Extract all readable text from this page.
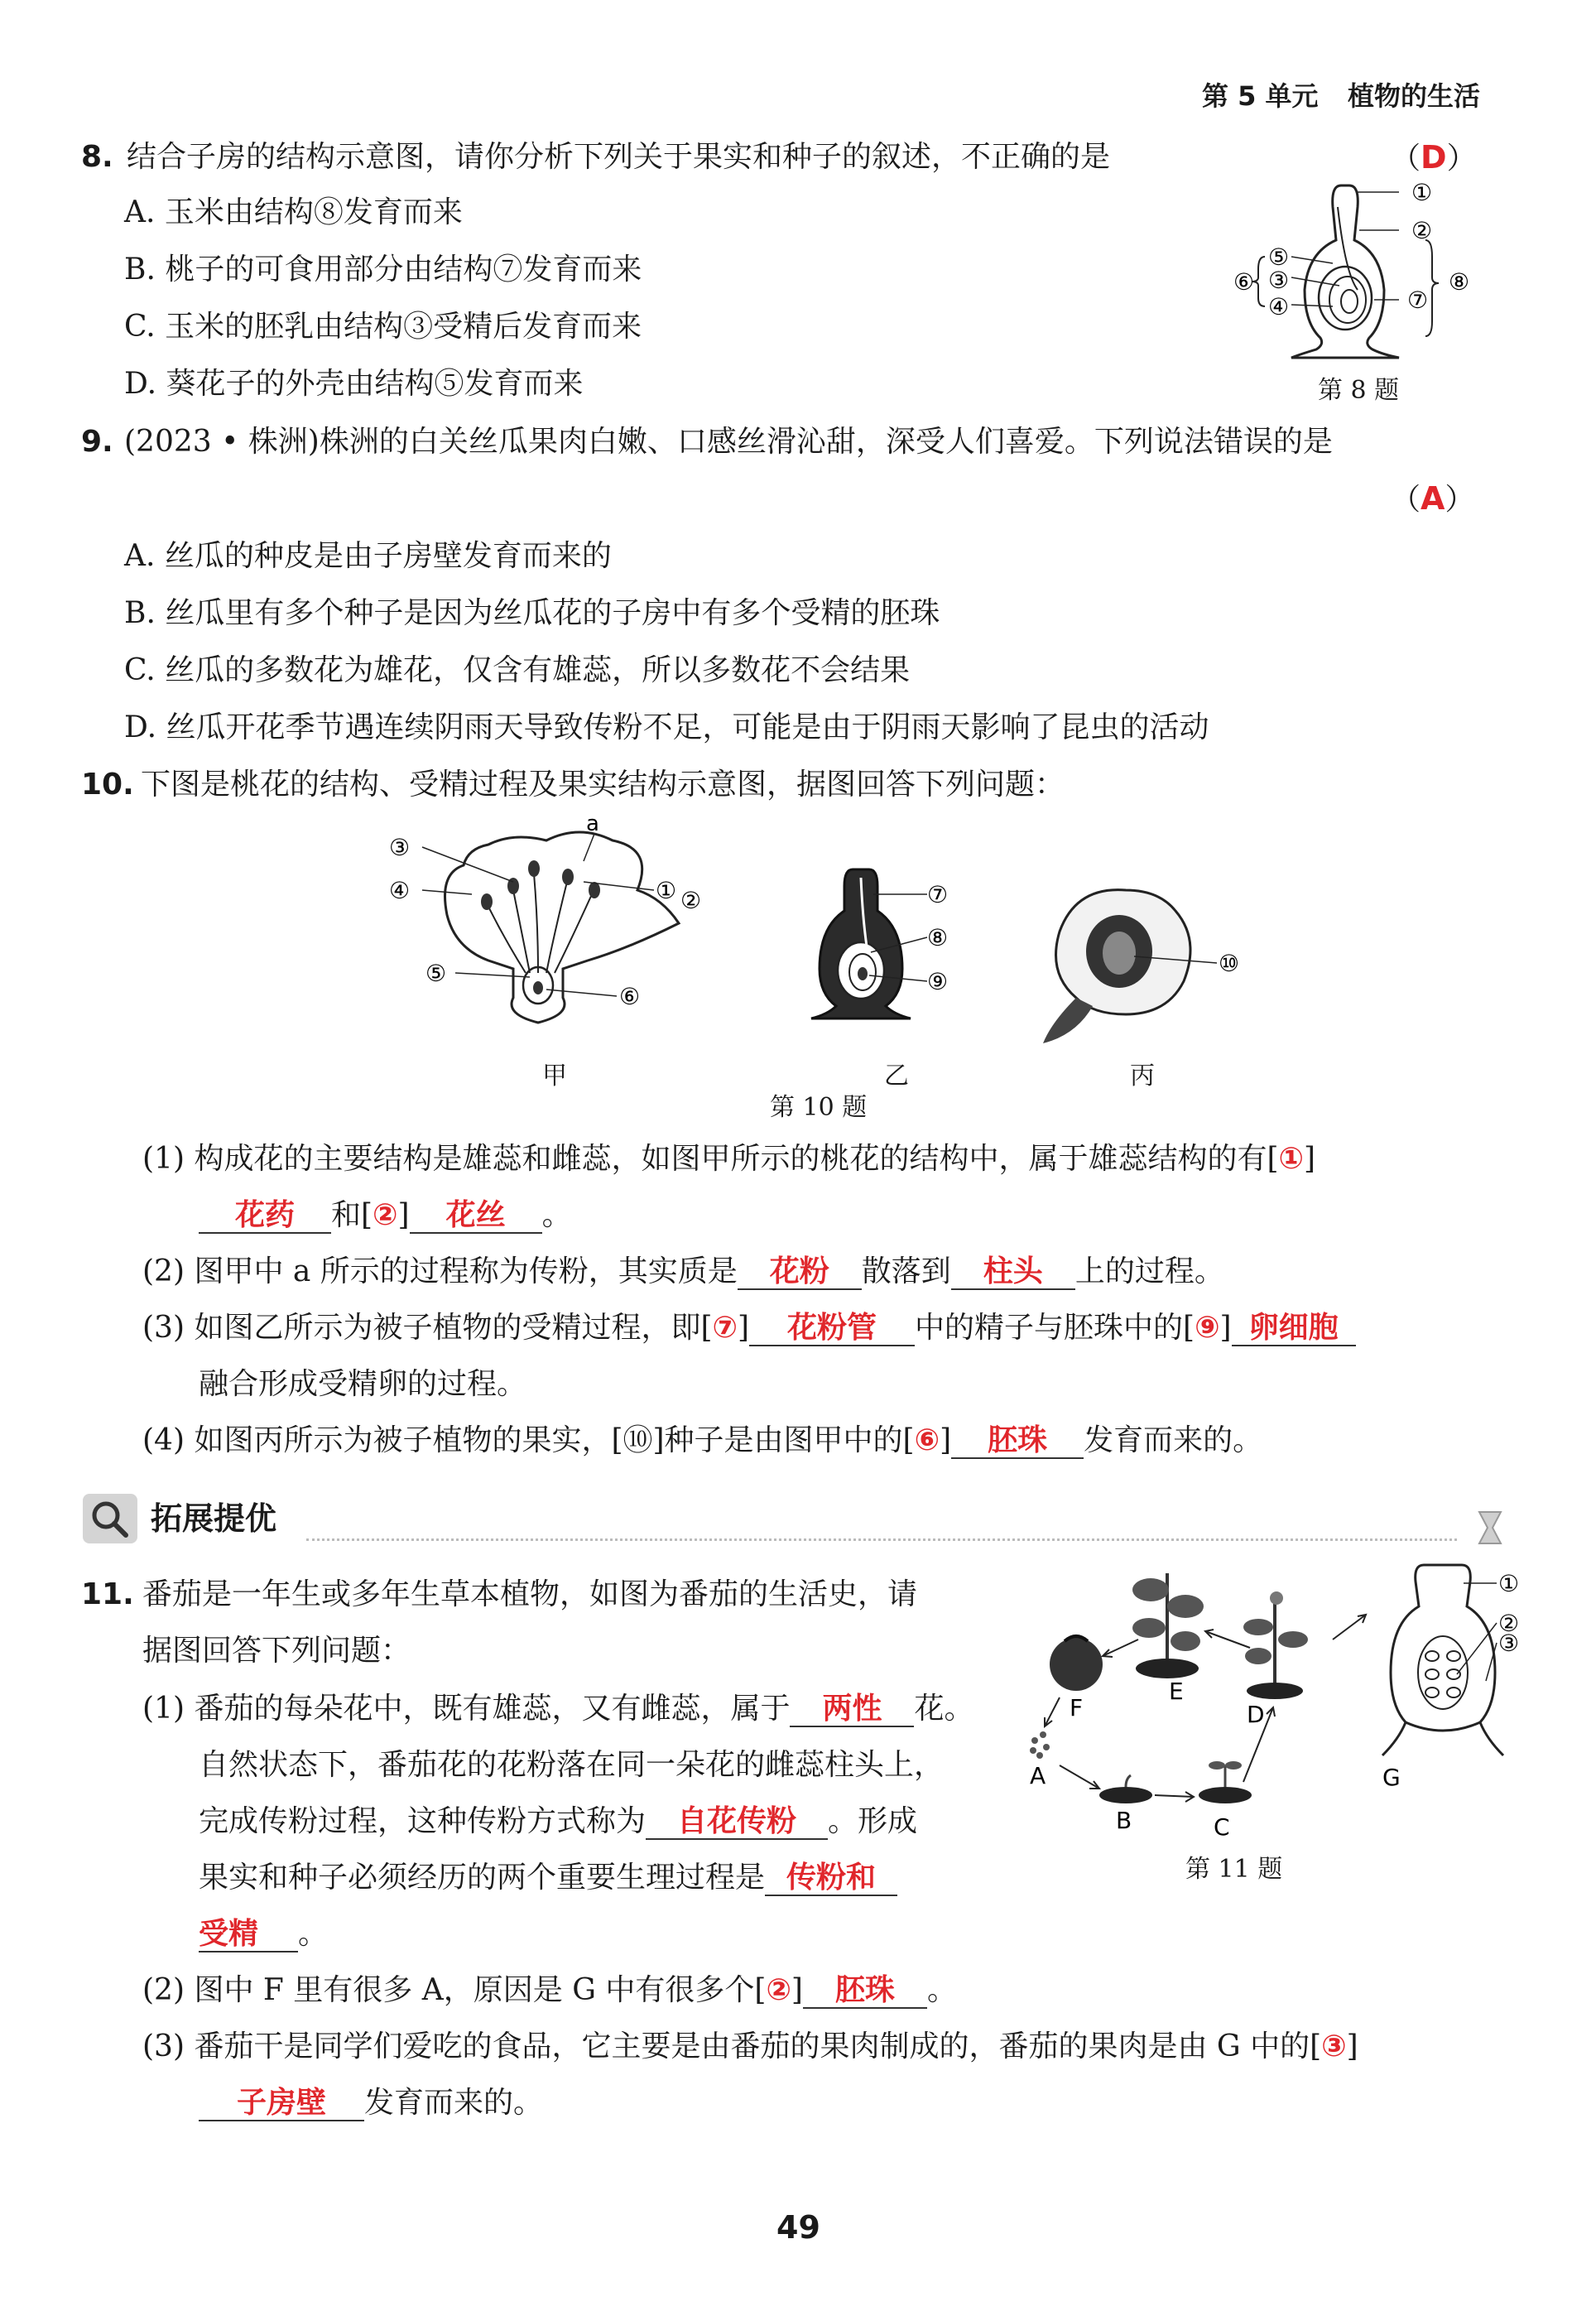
第 5 单元 植物的生活
8. 结合子房的结构示意图，请你分析下列关于果实和种子的叙述，不正确的是	（D）
A. 玉米由结构⑧发育而来
B. 桃子的可食用部分由结构⑦发育而来
C. 玉米的胚乳由结构③受精后发育而来
D. 葵花子的外壳由结构⑤发育而来
①
②
⑤
⑥ ③
⑦
④
⑧
第 8 题
9. (2023 • 株洲)株洲的白关丝瓜果肉白嫩、口感丝滑沁甜，深受人们喜爱。下列说法错误的是
（A）
A. 丝瓜的种皮是由子房壁发育而来的
B. 丝瓜里有多个种子是因为丝瓜花的子房中有多个受精的胚珠
C. 丝瓜的多数花为雄花，仅含有雄蕊，所以多数花不会结果
D. 丝瓜开花季节遇连续阴雨天导致传粉不足，可能是由于阴雨天影响了昆虫的活动
10. 下图是桃花的结构、受精过程及果实结构示意图，据图回答下列问题：
a
③
④	① ②
⑤
⑥
⑦
⑧
⑨
⑩
甲	乙	丙
第 10 题
(1) 构成花的主要结构是雄蕊和雌蕊，如图甲所示的桃花的结构中，属于雄蕊结构的有[①]
花药 和[②] 花丝 。
(2) 图甲中 a 所示的过程称为传粉，其实质是 花粉 散落到 柱头 上的过程。
(3) 如图乙所示为被子植物的受精过程，即[⑦] 花粉管 中的精子与胚珠中的[⑨] 卵细胞
融合形成受精卵的过程。
(4) 如图丙所示为被子植物的果实，[⑩]种子是由图甲中的[⑥] 胚珠 发育而来的。
拓展提优
11. 番茄是一年生或多年生草本植物，如图为番茄的生活史，请
据图回答下列问题：
E
F	D
A
B	C
G
①
②
③
第 11 题
(1) 番茄的每朵花中，既有雄蕊，又有雌蕊，属于 两性 花。
自然状态下，番茄花的花粉落在同一朵花的雌蕊柱头上，
完成传粉过程，这种传粉方式称为 自花传粉 。形成
果实和种子必须经历的两个重要生理过程是 传粉和
受精 。
(2) 图中 F 里有很多 A，原因是 G 中有很多个[②] 胚珠 。
(3) 番茄干是同学们爱吃的食品，它主要是由番茄的果肉制成的，番茄的果肉是由 G 中的[③]
子房壁 发育而来的。
49
